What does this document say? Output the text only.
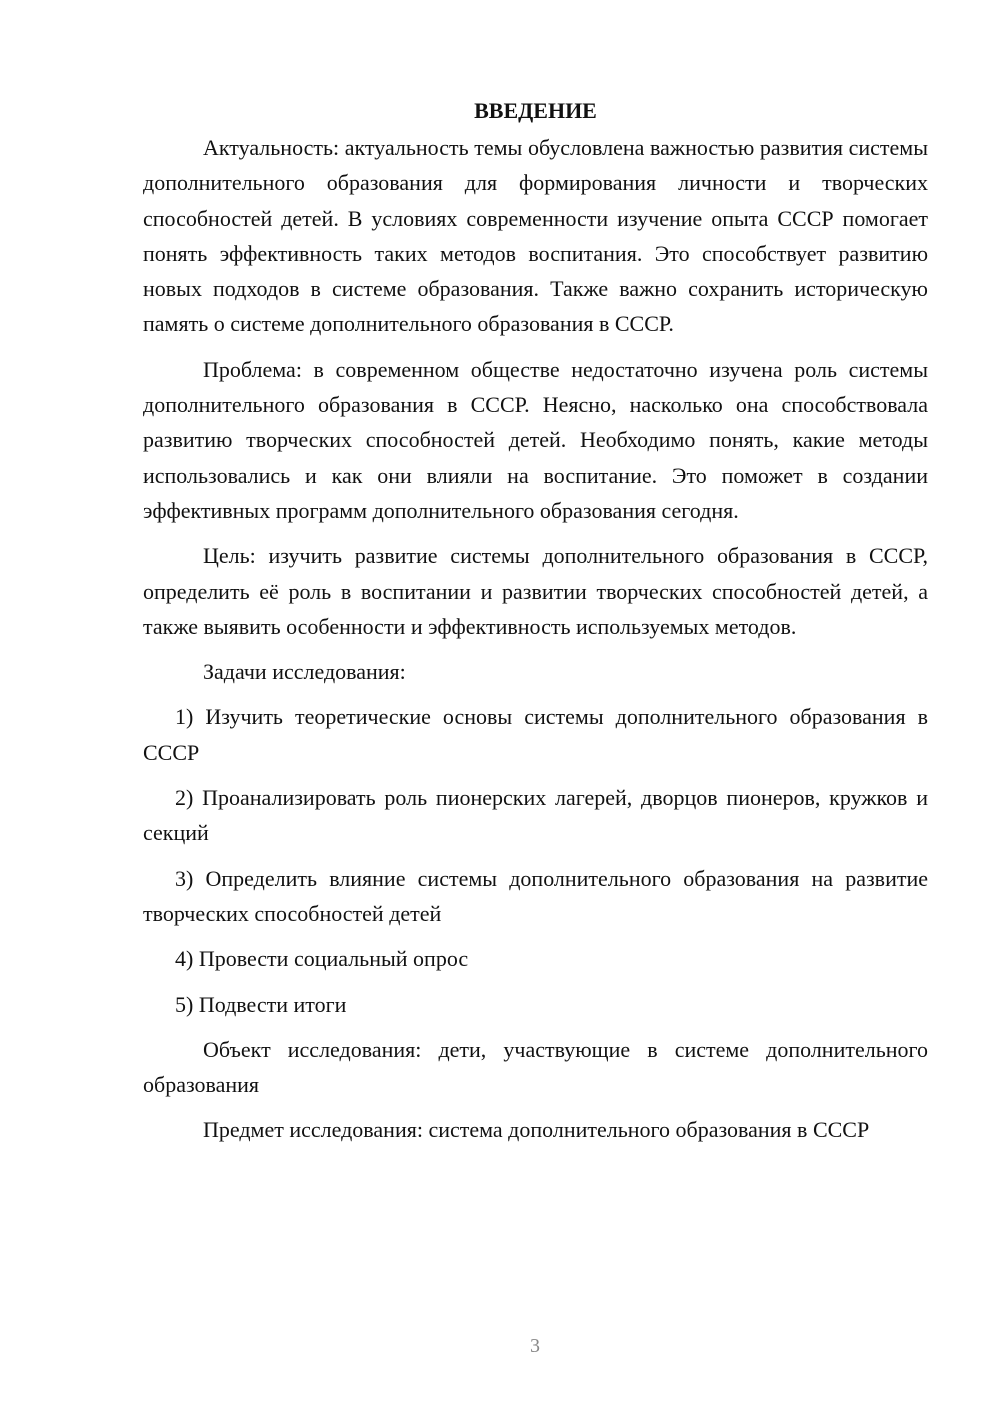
ВВЕДЕНИЕ

Актуальность: актуальность темы обусловлена важностью развития системы дополнительного образования для формирования личности и творческих способностей детей. В условиях современности изучение опыта СССР помогает понять эффективность таких методов воспитания. Это способствует развитию новых подходов в системе образования. Также важно сохранить историческую память о системе дополнительного образования в СССР.

Проблема: в современном обществе недостаточно изучена роль системы дополнительного образования в СССР. Неясно, насколько она способствовала развитию творческих способностей детей. Необходимо понять, какие методы использовались и как они влияли на воспитание. Это поможет в создании эффективных программ дополнительного образования сегодня.

Цель: изучить развитие системы дополнительного образования в СССР, определить её роль в воспитании и развитии творческих способностей детей, а также выявить особенности и эффективность используемых методов.

Задачи исследования:

1) Изучить теоретические основы системы дополнительного образования в СССР

2) Проанализировать роль пионерских лагерей, дворцов пионеров, кружков и секций

3) Определить влияние системы дополнительного образования на развитие творческих способностей детей

4) Провести социальный опрос

5) Подвести итоги

Объект исследования: дети, участвующие в системе дополнительного образования

Предмет исследования: система дополнительного образования в СССР

3
